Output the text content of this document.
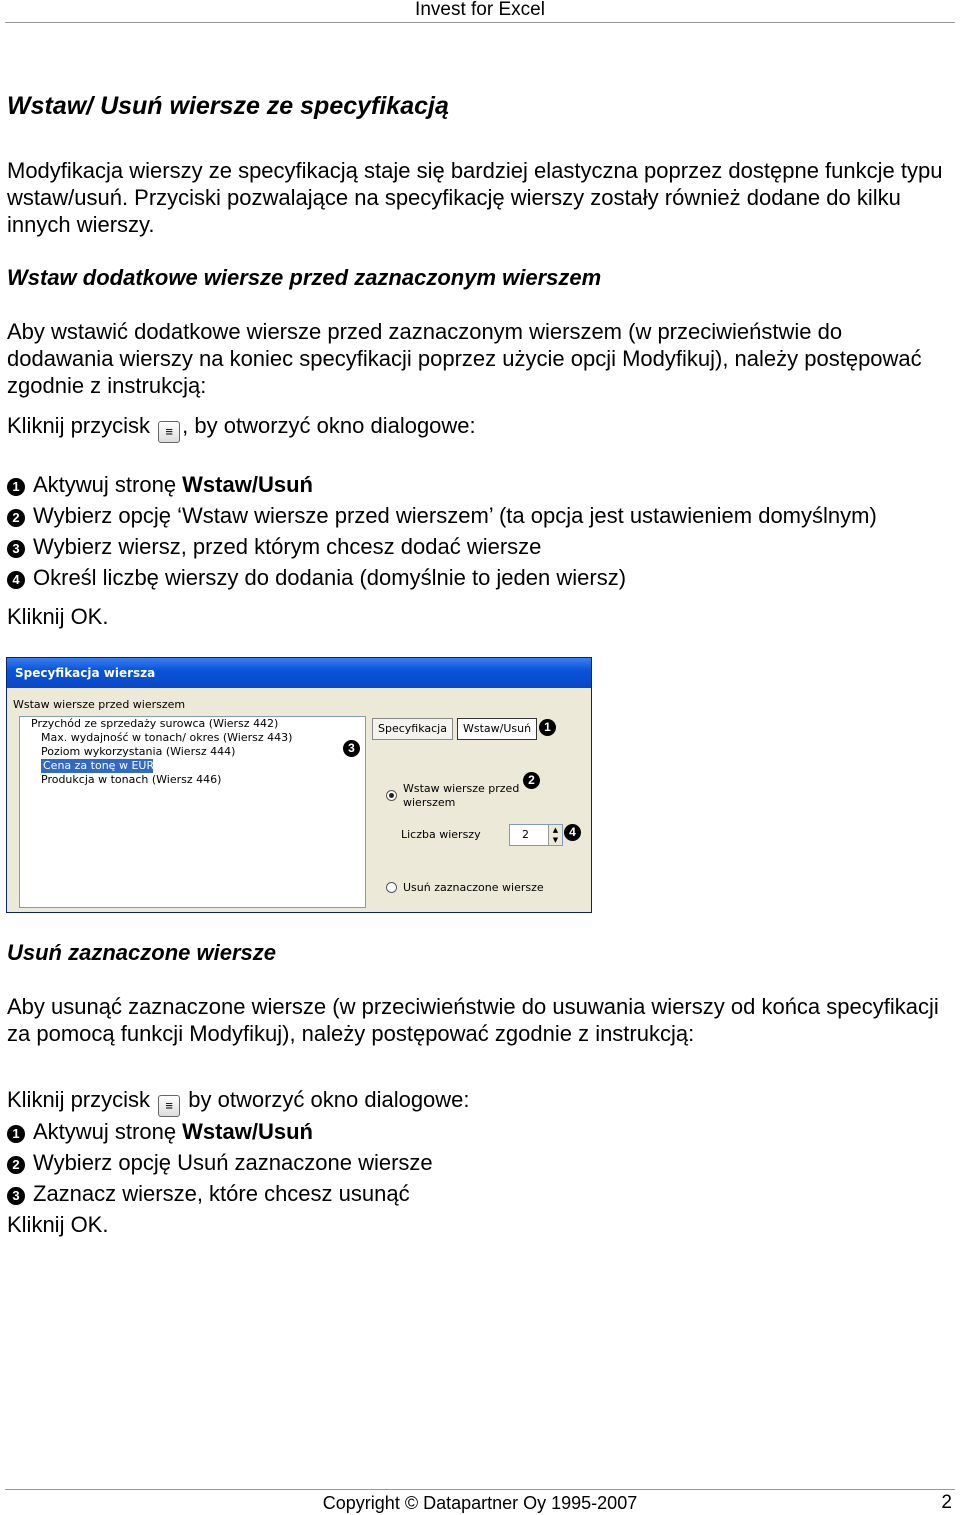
Invest for Excel
Wstaw/ Usuń wiersze ze specyfikacją
Modyfikacja wierszy ze specyfikacją staje się bardziej elastyczna poprzez dostępne funkcje typu wstaw/usuń. Przyciski pozwalające na specyfikację wierszy zostały również dodane do kilku innych wierszy.
Wstaw dodatkowe wiersze przed zaznaczonym wierszem
Aby wstawić dodatkowe wiersze przed zaznaczonym wierszem (w przeciwieństwie do dodawania wierszy na koniec specyfikacji poprzez użycie opcji Modyfikuj), należy postępować zgodnie z instrukcją:
Kliknij przycisk ≡ , by otworzyć okno dialogowe:
1 Aktywuj stronę Wstaw/Usuń
2 Wybierz opcję ‘Wstaw wiersze przed wierszem’ (ta opcja jest ustawieniem domyślnym)
3 Wybierz wiersz, przed którym chcesz dodać wiersze
4 Określ liczbę wierszy do dodania (domyślnie to jeden wiersz)
Kliknij OK.
Specyfikacja wiersza
Wstaw wiersze przed wierszem
Przychód ze sprzedaży surowca (Wiersz 442)
Max. wydajność w tonach/ okres (Wiersz 443)
Poziom wykorzystania (Wiersz 444)
Cena za tonę w EUR (Wiersz 445)
Produkcja w tonach (Wiersz 446)
Specyfikacja	Wstaw/Usuń
Wstaw wiersze przed wierszem
Liczba wierszy	2	▲
▼
Usuń zaznaczone wiersze
1
2
3
4
Usuń zaznaczone wiersze
Aby usunąć zaznaczone wiersze (w przeciwieństwie do usuwania wierszy od końca specyfikacji za pomocą funkcji Modyfikuj), należy postępować zgodnie z instrukcją:
Kliknij przycisk ≡ by otworzyć okno dialogowe:
1 Aktywuj stronę Wstaw/Usuń
2 Wybierz opcję Usuń zaznaczone wiersze
3 Zaznacz wiersze, które chcesz usunąć
Kliknij OK.
Copyright © Datapartner Oy 1995-2007	2
